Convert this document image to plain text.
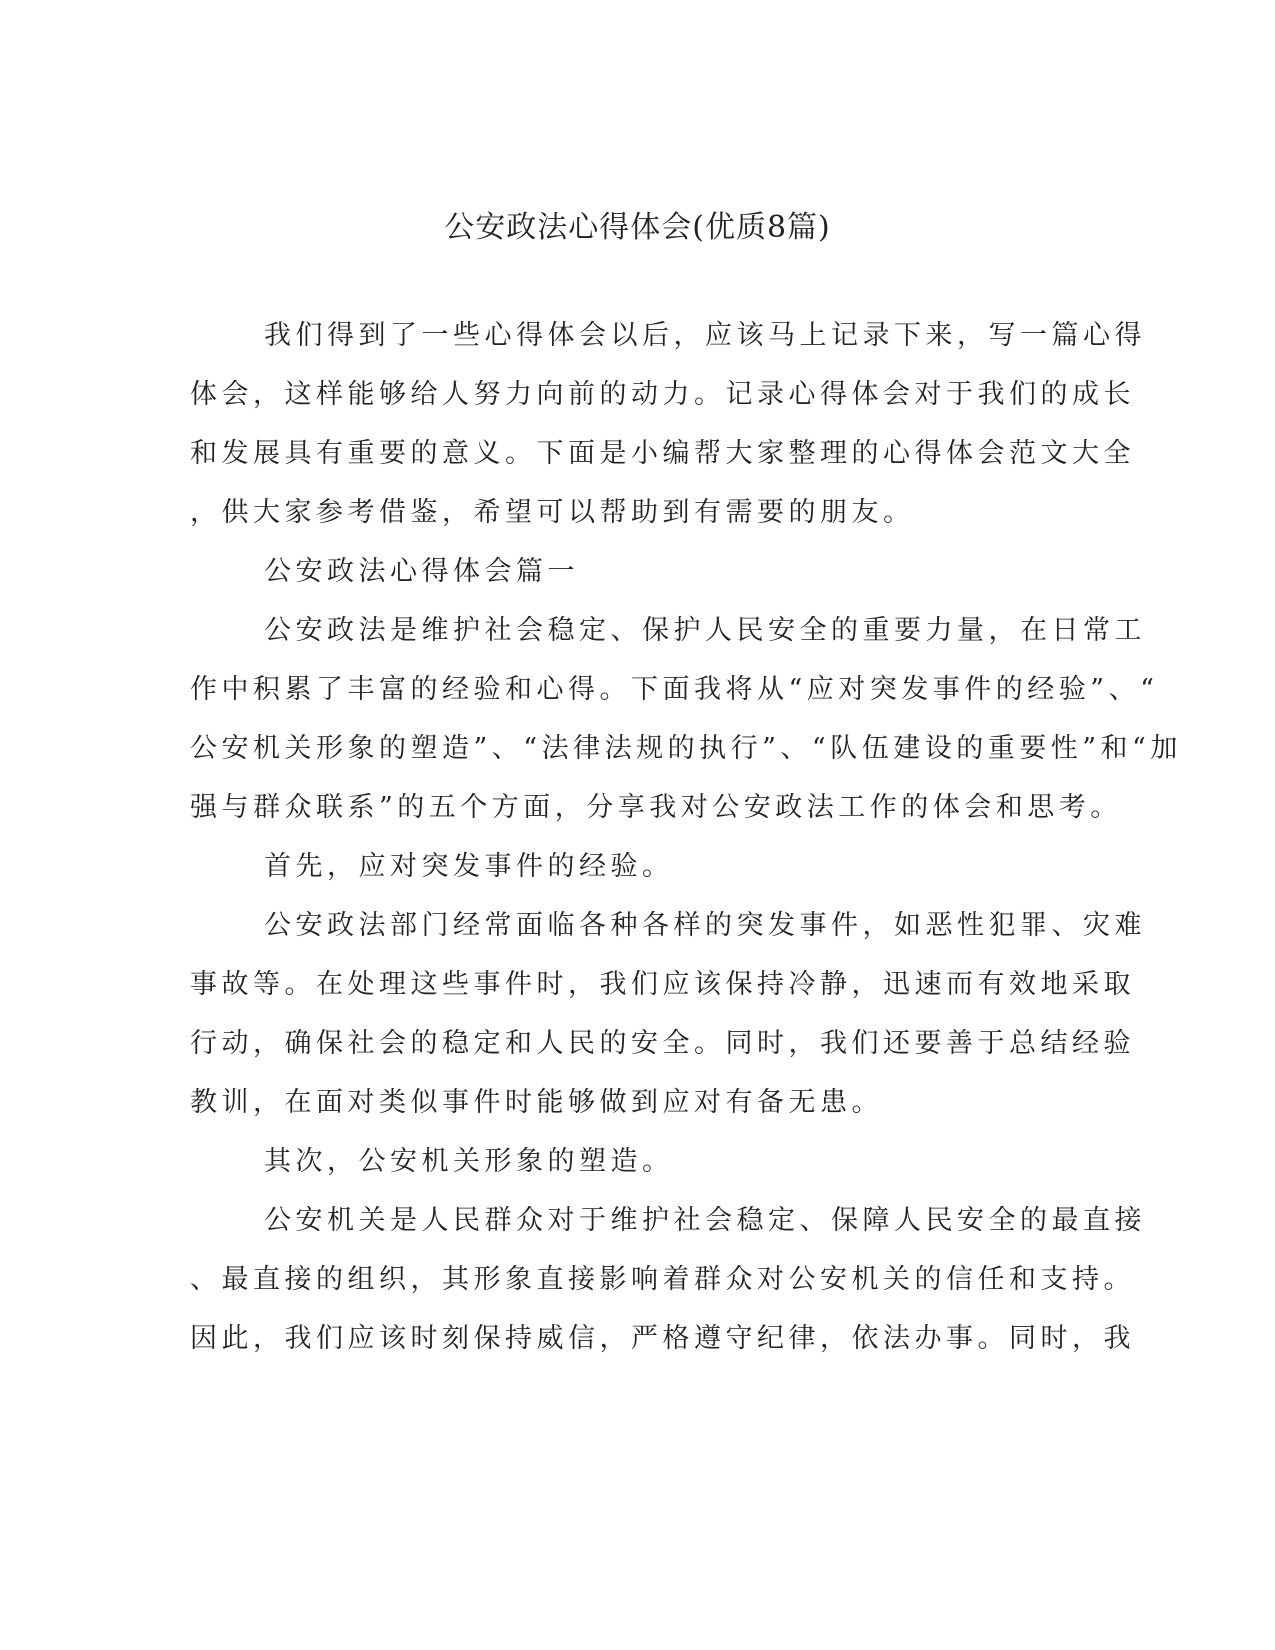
公安政法心得体会(优质8篇)
我们得到了一些心得体会以后，应该马上记录下来，写一篇心得
体会，这样能够给人努力向前的动力。记录心得体会对于我们的成长
和发展具有重要的意义。下面是小编帮大家整理的心得体会范文大全
，供大家参考借鉴，希望可以帮助到有需要的朋友。
公安政法心得体会篇一
公安政法是维护社会稳定、保护人民安全的重要力量，在日常工
作中积累了丰富的经验和心得。下面我将从“应对突发事件的经验”、“
公安机关形象的塑造”、“法律法规的执行”、“队伍建设的重要性”和“加
强与群众联系”的五个方面，分享我对公安政法工作的体会和思考。
首先，应对突发事件的经验。
公安政法部门经常面临各种各样的突发事件，如恶性犯罪、灾难
事故等。在处理这些事件时，我们应该保持冷静，迅速而有效地采取
行动，确保社会的稳定和人民的安全。同时，我们还要善于总结经验
教训，在面对类似事件时能够做到应对有备无患。
其次，公安机关形象的塑造。
公安机关是人民群众对于维护社会稳定、保障人民安全的最直接
、最直接的组织，其形象直接影响着群众对公安机关的信任和支持。
因此，我们应该时刻保持威信，严格遵守纪律，依法办事。同时，我
